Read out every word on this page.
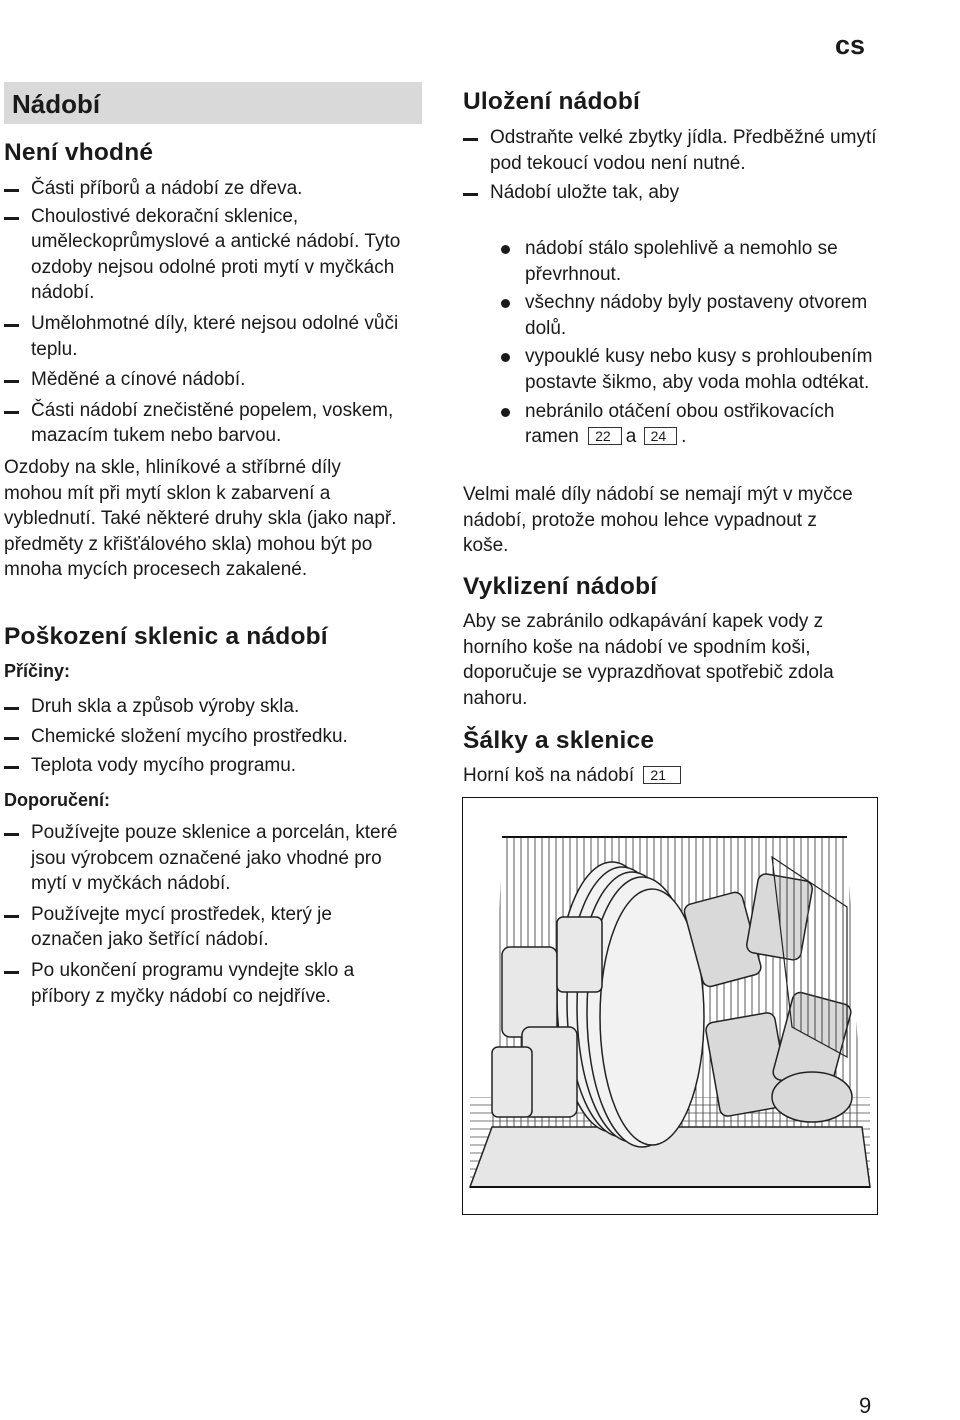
cs
Nádobí
Není vhodné
Části příborů a nádobí ze dřeva.
Choulostivé dekorační sklenice, uměleckoprůmyslové a antické nádobí. Tyto ozdoby nejsou odolné proti mytí v myčkách nádobí.
Umělohmotné díly, které nejsou odolné vůči teplu.
Měděné a cínové nádobí.
Části nádobí znečistěné popelem, voskem, mazacím tukem nebo barvou.

Ozdoby na skle, hliníkové a stříbrné díly mohou mít při mytí sklon k zabarvení a vyblednutí. Také některé druhy skla (jako např. předměty z křišťálového skla) mohou být po mnoha mycích procesech zakalené.

Poškození sklenic a nádobí
Příčiny:
Druh skla a způsob výroby skla.
Chemické složení mycího prostředku.
Teplota vody mycího programu.
Doporučení:
Používejte pouze sklenice a porcelán, které jsou výrobcem označené jako vhodné pro mytí v myčkách nádobí.
Používejte mycí prostředek, který je označen jako šetřící nádobí.
Po ukončení programu vyndejte sklo a příbory z myčky nádobí co nejdříve.
Uložení nádobí
Odstraňte velké zbytky jídla. Předběžné umytí pod tekoucí vodou není nutné.
Nádobí uložte tak, aby
nádobí stálo spolehlivě a nemohlo se převrhnout.
všechny nádoby byly postaveny otvorem dolů.
vypouklé kusy nebo kusy s prohloubením postavte šikmo, aby voda mohla odtékat.
nebránilo otáčení obou ostřikovacích ramen 22 a 24 .

Velmi malé díly nádobí se nemají mýt v myčce nádobí, protože mohou lehce vypadnout z koše.

Vyklizení nádobí

Aby se zabránilo odkapávání kapek vody z horního koše na nádobí ve spodním koši, doporučuje se vyprazdňovat spotřebič zdola nahoru.

Šálky a sklenice
Horní koš na nádobí 21
9
